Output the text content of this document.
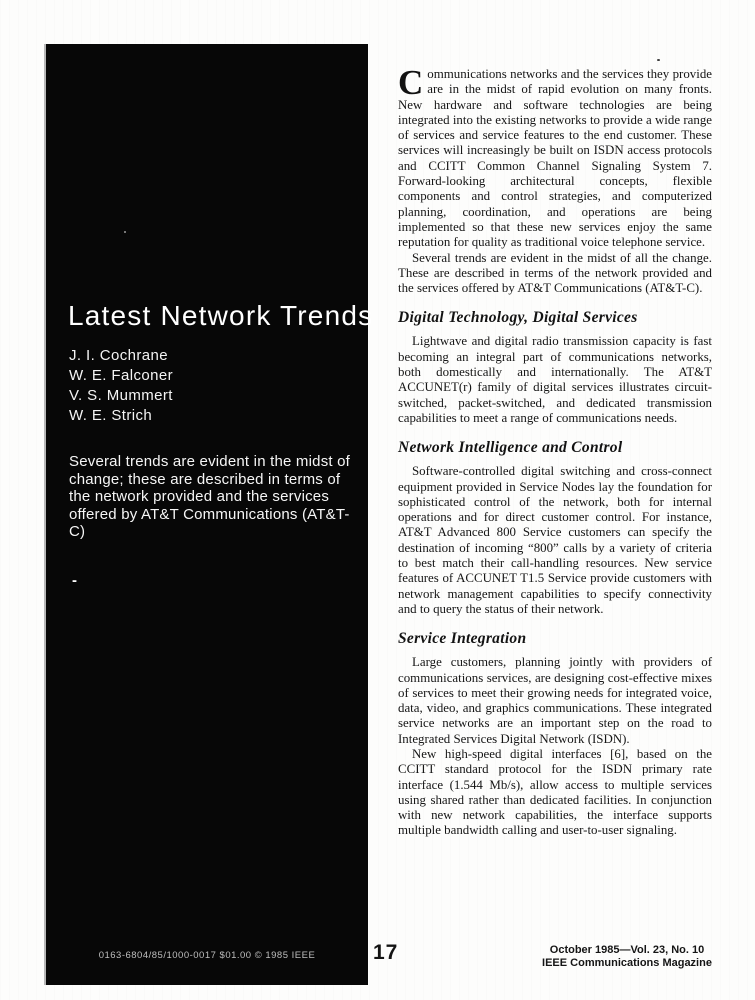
Latest Network Trends
J. I. Cochrane
W. E. Falconer
V. S. Mummert
W. E. Strich
Several trends are evident in the midst of change; these are described in terms of the network provided and the services offered by AT&T Communications (AT&T-C)
-
0163-6804/85/1000-0017 $01.00 © 1985 IEEE

Communications networks and the services they provide are in the midst of rapid evolution on many fronts. New hardware and software technologies are being integrated into the existing networks to provide a wide range of services and service features to the end customer. These services will increasingly be built on ISDN access protocols and CCITT Common Channel Signaling System 7. Forward-looking architectural concepts, flexible components and control strategies, and computerized planning, coordination, and operations are being implemented so that these new services enjoy the same reputation for quality as traditional voice telephone service.

Several trends are evident in the midst of all the change. These are described in terms of the network provided and the services offered by AT&T Communications (AT&T-C).

Digital Technology, Digital Services

Lightwave and digital radio transmission capacity is fast becoming an integral part of communications networks, both domestically and internationally. The AT&T ACCUNET(r) family of digital services illustrates circuit-switched, packet-switched, and dedicated transmission capabilities to meet a range of communications needs.

Network Intelligence and Control

Software-controlled digital switching and cross-connect equipment provided in Service Nodes lay the foundation for sophisticated control of the network, both for internal operations and for direct customer control. For instance, AT&T Advanced 800 Service customers can specify the destination of incoming “800” calls by a variety of criteria to best match their call-handling resources. New service features of ACCUNET T1.5 Service provide customers with network management capabilities to specify connectivity and to query the status of their network.

Service Integration

Large customers, planning jointly with providers of communications services, are designing cost-effective mixes of services to meet their growing needs for integrated voice, data, video, and graphics communications. These integrated service networks are an important step on the road to Integrated Services Digital Network (ISDN).

New high-speed digital interfaces [6], based on the CCITT standard protocol for the ISDN primary rate interface (1.544 Mb/s), allow access to multiple services using shared rather than dedicated facilities. In conjunction with new network capabilities, the interface supports multiple bandwidth calling and user-to-user signaling.

17	October 1985—Vol. 23, No. 10
IEEE Communications Magazine
